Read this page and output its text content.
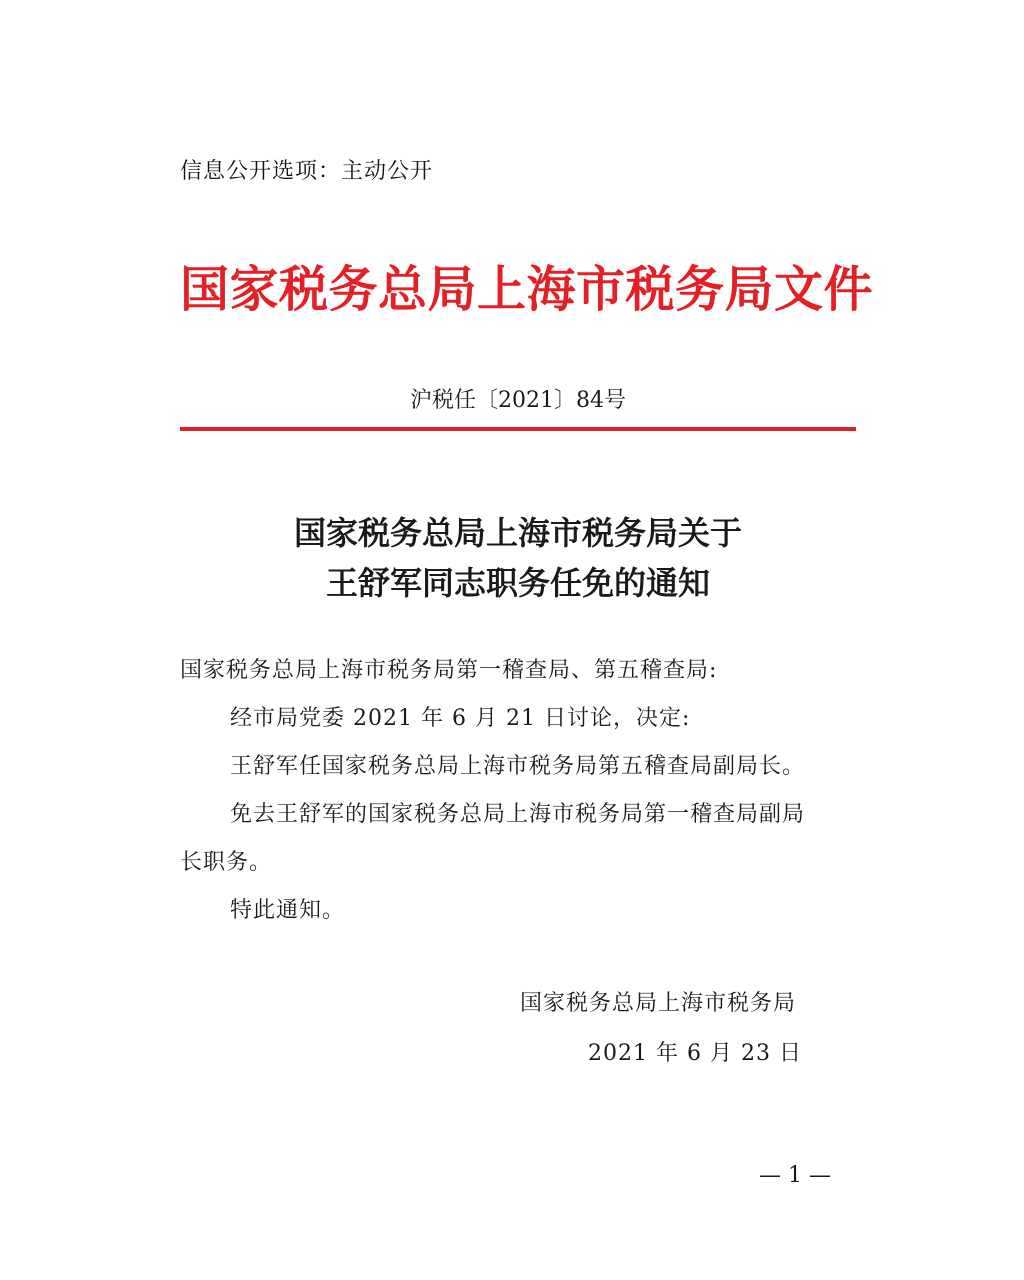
信息公开选项：主动公开
国家税务总局上海市税务局文件
沪税任〔2021〕84号
国家税务总局上海市税务局关于
王舒军同志职务任免的通知
国家税务总局上海市税务局第一稽查局、第五稽查局:
经市局党委 2021 年 6 月 21 日讨论，决定:
王舒军任国家税务总局上海市税务局第五稽查局副局长。
免去王舒军的国家税务总局上海市税务局第一稽查局副局
长职务。
特此通知。
国家税务总局上海市税务局
2021 年 6 月 23 日
— 1 —
